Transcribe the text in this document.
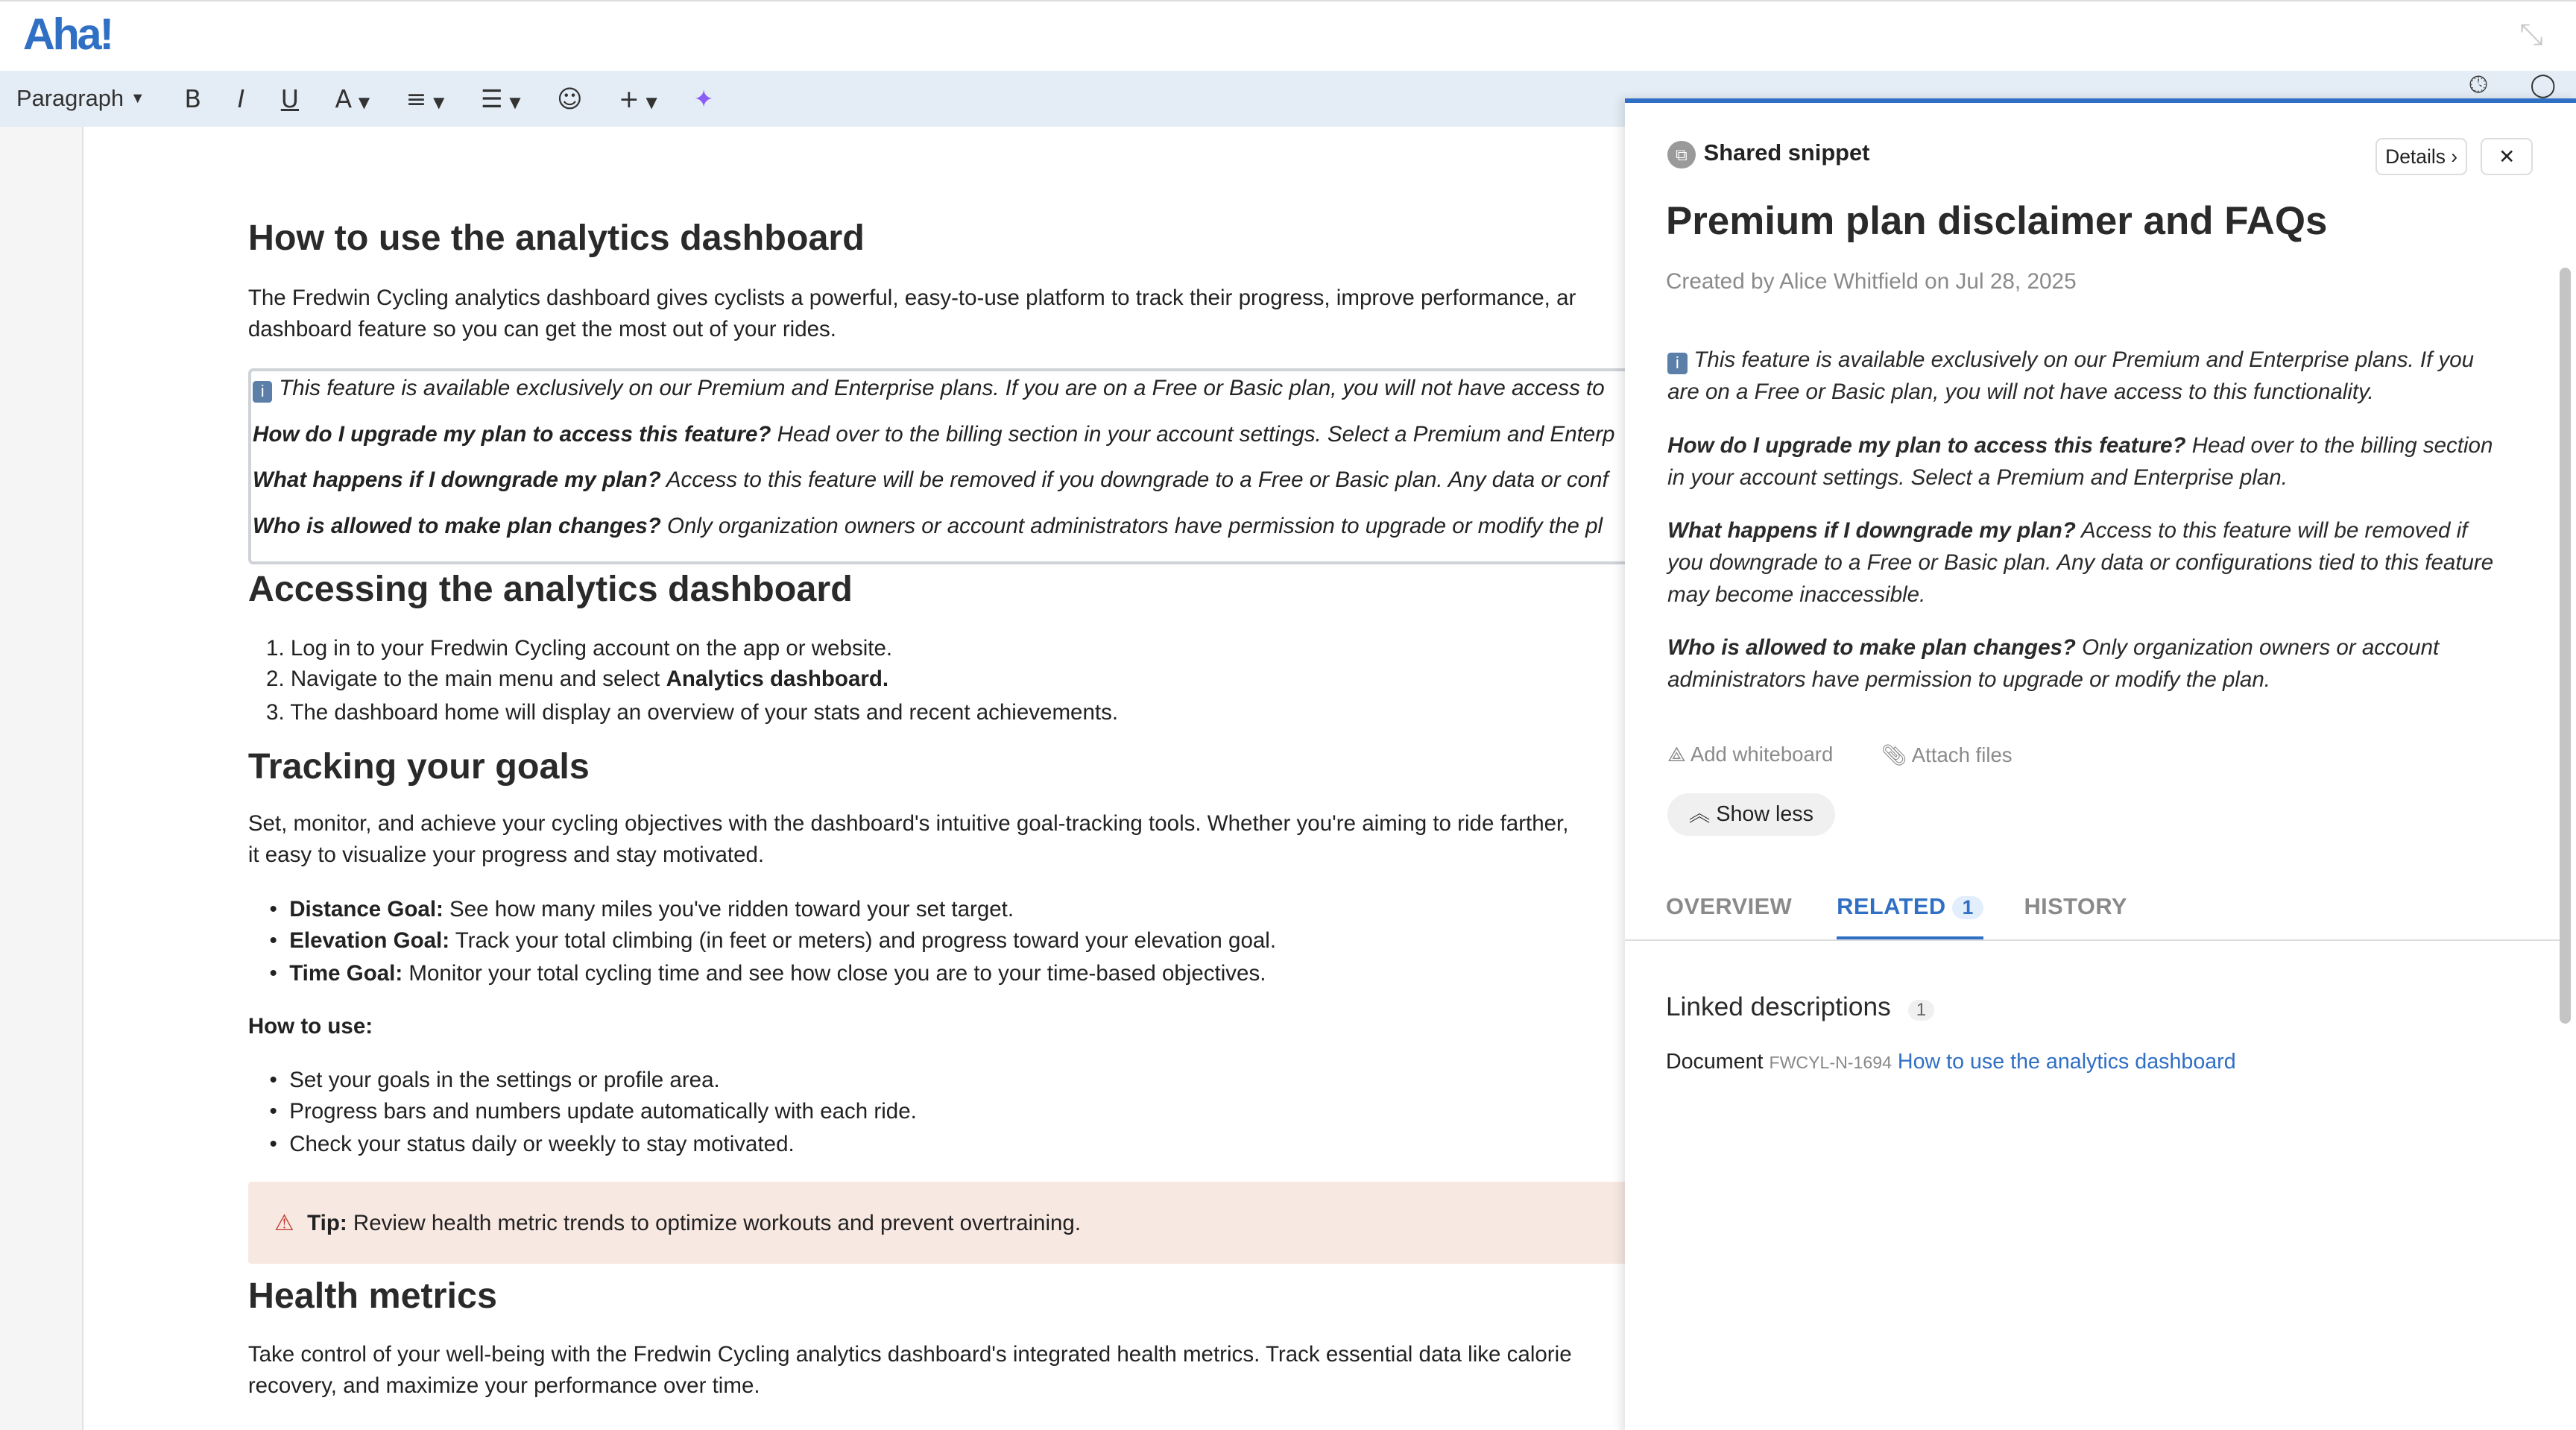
Aha!	⤡
Paragraph ▼	B	I	U	A ▼	≡ ▼	☰ ▼	☺	+ ▼	✦	🕓︎	◯
How to use the analytics dashboard
The Fredwin Cycling analytics dashboard gives cyclists a powerful, easy-to-use platform to track their progress, improve performance, ar
dashboard feature so you can get the most out of your rides.
i This feature is available exclusively on our Premium and Enterprise plans. If you are on a Free or Basic plan, you will not have access to
How do I upgrade my plan to access this feature? Head over to the billing section in your account settings. Select a Premium and Enterp
What happens if I downgrade my plan? Access to this feature will be removed if you downgrade to a Free or Basic plan. Any data or conf
Who is allowed to make plan changes? Only organization owners or account administrators have permission to upgrade or modify the pl
Accessing the analytics dashboard
1. Log in to your Fredwin Cycling account on the app or website.
2. Navigate to the main menu and select Analytics dashboard.
3. The dashboard home will display an overview of your stats and recent achievements.
Tracking your goals
Set, monitor, and achieve your cycling objectives with the dashboard's intuitive goal-tracking tools. Whether you're aiming to ride farther,
it easy to visualize your progress and stay motivated.
•  Distance Goal: See how many miles you've ridden toward your set target.
•  Elevation Goal: Track your total climbing (in feet or meters) and progress toward your elevation goal.
•  Time Goal: Monitor your total cycling time and see how close you are to your time-based objectives.
How to use:
•  Set your goals in the settings or profile area.
•  Progress bars and numbers update automatically with each ride.
•  Check your status daily or weekly to stay motivated.
⚠ Tip: Review health metric trends to optimize workouts and prevent overtraining.
Health metrics
Take control of your well-being with the Fredwin Cycling analytics dashboard's integrated health metrics. Track essential data like calorie
recovery, and maximize your performance over time.
⧉	Shared snippet	Details ›	✕
Premium plan disclaimer and FAQs
Created by Alice Whitfield on Jul 28, 2025
i This feature is available exclusively on our Premium and Enterprise plans. If you are on a Free or Basic plan, you will not have access to this functionality.
How do I upgrade my plan to access this feature? Head over to the billing section in your account settings. Select a Premium and Enterprise plan.
What happens if I downgrade my plan? Access to this feature will be removed if you downgrade to a Free or Basic plan. Any data or configurations tied to this feature may become inaccessible.
Who is allowed to make plan changes? Only organization owners or account administrators have permission to upgrade or modify the plan.
⟁ Add whiteboard	📎︎ Attach files
︽ Show less
OVERVIEW	RELATED 1	HISTORY
Linked descriptions	1
Document FWCYL-N-1694 How to use the analytics dashboard
